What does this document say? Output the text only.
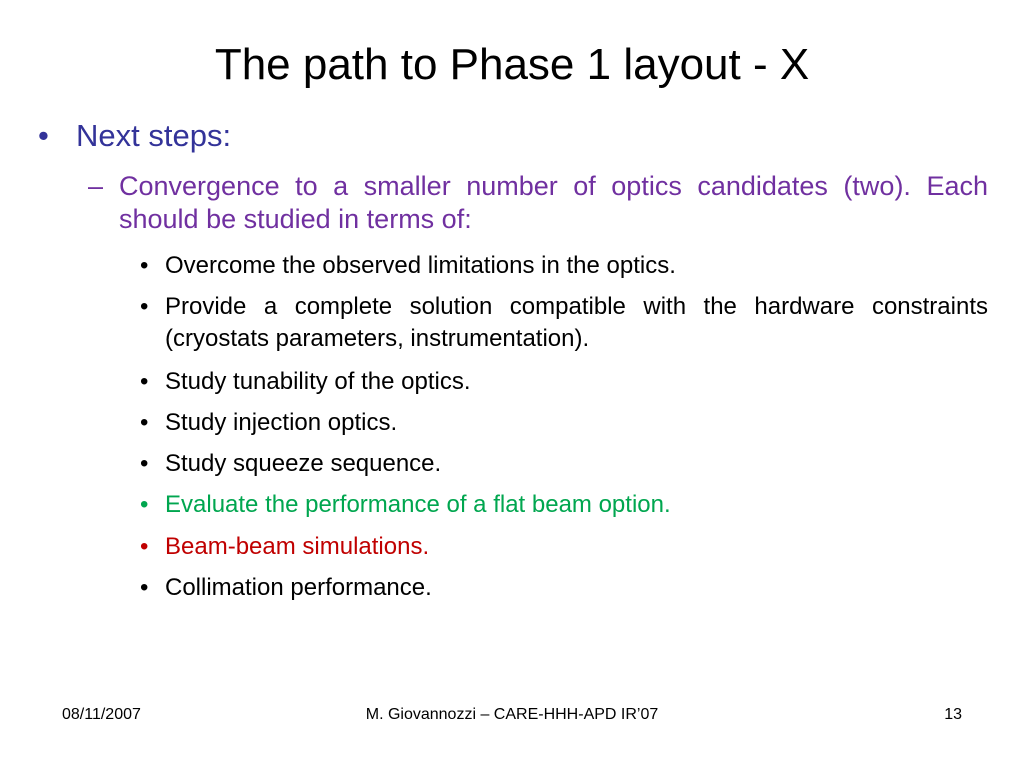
The path to Phase 1 layout - X
• Next steps:
– Convergence to a smaller number of optics candidates (two). Each should be studied in terms of:
• Overcome the observed limitations in the optics.
• Provide a complete solution compatible with the hardware constraints (cryostats parameters, instrumentation).
• Study tunability of the optics.
• Study injection optics.
• Study squeeze sequence.
• Evaluate the performance of a flat beam option.
• Beam-beam simulations.
• Collimation performance.
08/11/2007	M. Giovannozzi – CARE-HHH-APD IR’07	13
